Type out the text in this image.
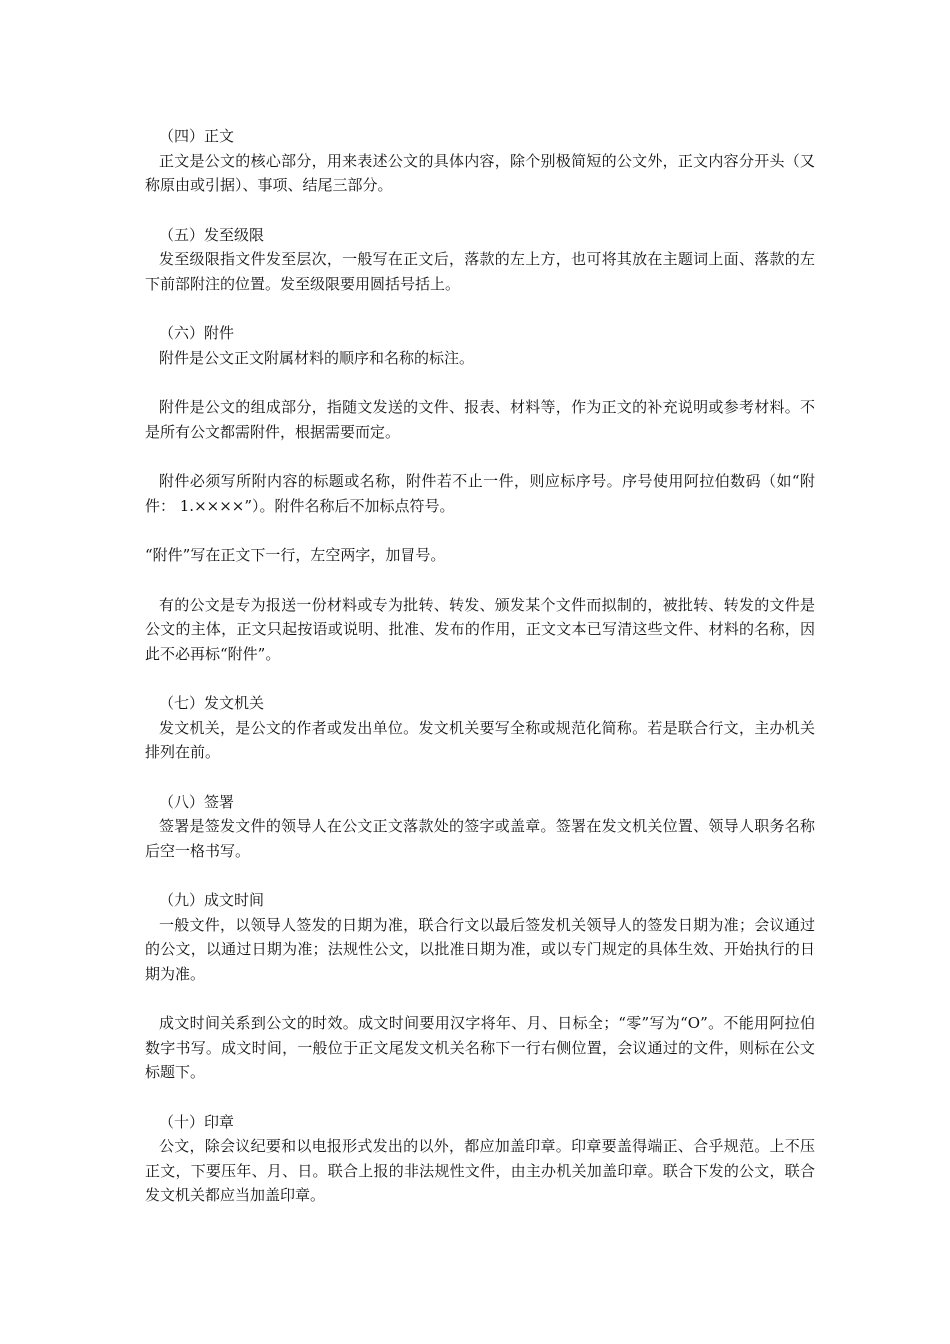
（四）正文

正文是公文的核心部分，用来表述公文的具体内容，除个别极简短的公文外，正文内容分开头（又称原由或引据）、事项、结尾三部分。

（五）发至级限

发至级限指文件发至层次，一般写在正文后，落款的左上方，也可将其放在主题词上面、落款的左下前部附注的位置。发至级限要用圆括号括上。

（六）附件

附件是公文正文附属材料的顺序和名称的标注。

附件是公文的组成部分，指随文发送的文件、报表、材料等，作为正文的补充说明或参考材料。不是所有公文都需附件，根据需要而定。

附件必须写所附内容的标题或名称，附件若不止一件，则应标序号。序号使用阿拉伯数码（如“附件： 1.××××”）。附件名称后不加标点符号。

“附件”写在正文下一行，左空两字，加冒号。

有的公文是专为报送一份材料或专为批转、转发、颁发某个文件而拟制的，被批转、转发的文件是公文的主体，正文只起按语或说明、批准、发布的作用，正文文本已写清这些文件、材料的名称，因此不必再标“附件”。

（七）发文机关

发文机关，是公文的作者或发出单位。发文机关要写全称或规范化简称。若是联合行文，主办机关排列在前。

（八）签署

签署是签发文件的领导人在公文正文落款处的签字或盖章。签署在发文机关位置、领导人职务名称后空一格书写。

（九）成文时间

一般文件，以领导人签发的日期为准，联合行文以最后签发机关领导人的签发日期为准；会议通过的公文，以通过日期为准；法规性公文，以批准日期为准，或以专门规定的具体生效、开始执行的日期为准。

成文时间关系到公文的时效。成文时间要用汉字将年、月、日标全；“零”写为“O”。不能用阿拉伯数字书写。成文时间，一般位于正文尾发文机关名称下一行右侧位置，会议通过的文件，则标在公文标题下。

（十）印章

公文，除会议纪要和以电报形式发出的以外，都应加盖印章。印章要盖得端正、合乎规范。上不压正文，下要压年、月、日。联合上报的非法规性文件，由主办机关加盖印章。联合下发的公文，联合发文机关都应当加盖印章。
